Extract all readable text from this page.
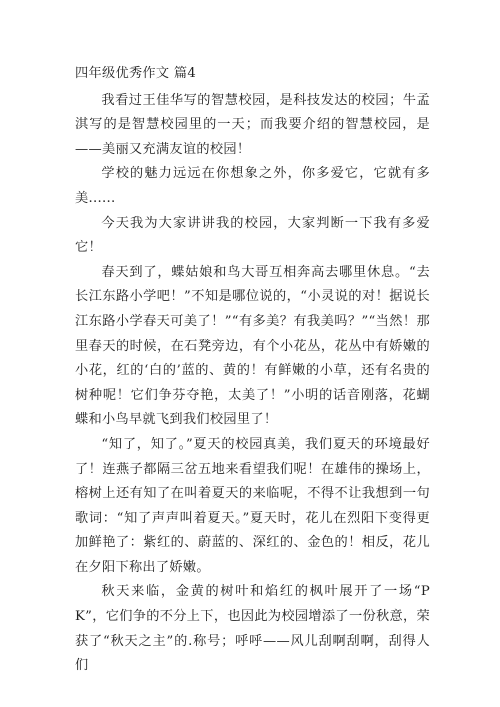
四年级优秀作文 篇4

我看过王佳华写的智慧校园，是科技发达的校园；牛孟淇写的是智慧校园里的一天；而我要介绍的智慧校园，是——美丽又充满友谊的校园！

学校的魅力远远在你想象之外，你多爱它，它就有多美......

今天我为大家讲讲我的校园，大家判断一下我有多爱它！

春天到了，蝶姑娘和鸟大哥互相奔高去哪里休息。“去长江东路小学吧！”不知是哪位说的，“小灵说的对！据说长江东路小学春天可美了！”“有多美？有我美吗？”“当然！那里春天的时候，在石凳旁边，有个小花丛，花丛中有娇嫩的小花，红的‘白的’蓝的、黄的！有鲜嫩的小草，还有名贵的树种呢！它们争芬夺艳，太美了！”小明的话音刚落，花蝴蝶和小鸟早就飞到我们校园里了！

“知了，知了。”夏天的校园真美，我们夏天的环境最好了！连燕子都隔三岔五地来看望我们呢！在雄伟的操场上，榕树上还有知了在叫着夏天的来临呢，不得不让我想到一句歌词：“知了声声叫着夏天。”夏天时，花儿在烈阳下变得更加鲜艳了：紫红的、蔚蓝的、深红的、金色的！相反，花儿在夕阳下称出了娇嫩。

秋天来临，金黄的树叶和焰红的枫叶展开了一场“PK”，它们争的不分上下，也因此为校园增添了一份秋意，荣获了“秋天之主”的.称号；呼呼——风儿刮啊刮啊，刮得人们
